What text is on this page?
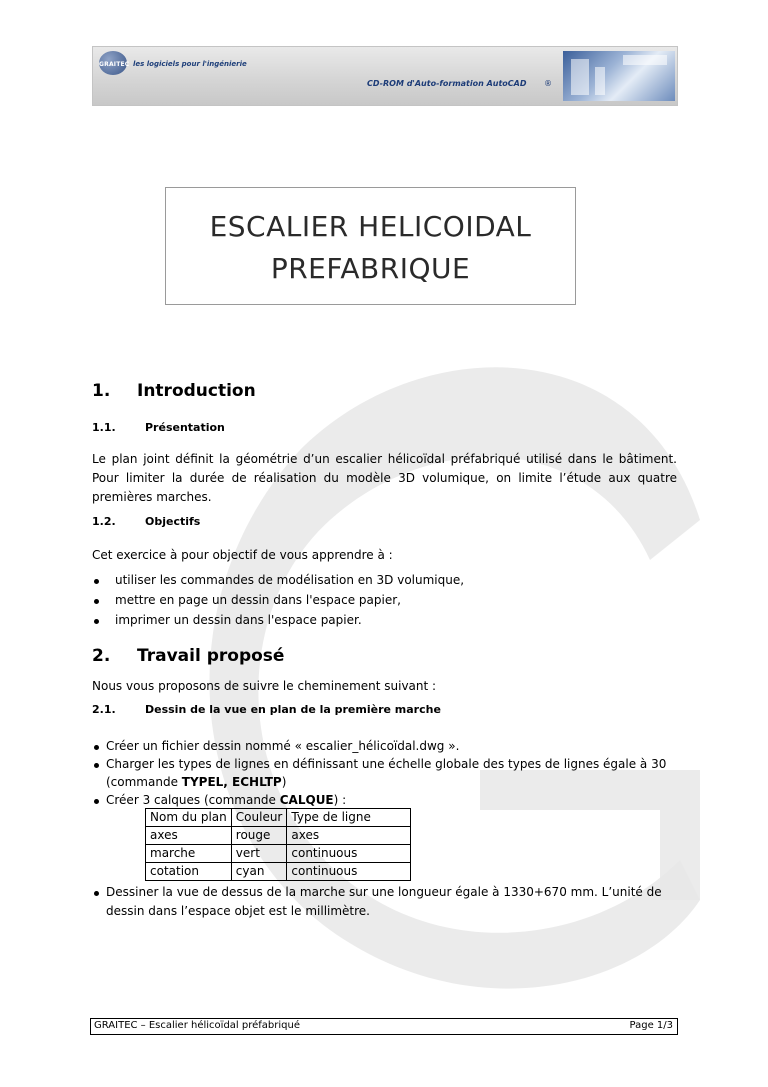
GRAITEC les logiciels pour l'ingénierie
CD-ROM d'Auto-formation AutoCAD ®
ESCALIER HELICOIDAL
PREFABRIQUE
1. Introduction
1.1.	Présentation
Le plan joint définit la géométrie d’un escalier hélicoïdal préfabriqué utilisé dans le bâtiment.
Pour limiter la durée de réalisation du modèle 3D volumique, on limite l’étude aux quatre
premières marches.
1.2.	Objectifs
Cet exercice à pour objectif de vous apprendre à :
utiliser les commandes de modélisation en 3D volumique,
mettre en page un dessin dans l'espace papier,
imprimer un dessin dans l'espace papier.
2. Travail proposé
Nous vous proposons de suivre le cheminement suivant :
2.1.	Dessin de la vue en plan de la première marche
Créer un fichier dessin nommé « escalier_hélicoïdal.dwg ».
Charger les types de lignes en définissant une échelle globale des types de lignes égale à 30
(commande TYPEL, ECHLTP)
Créer 3 calques (commande CALQUE) :
Nom du plan	Couleur	Type de ligne
axes	rouge	axes
marche	vert	continuous
cotation	cyan	continuous
Dessiner la vue de dessus de la marche sur une longueur égale à 1330+670 mm. L’unité de
dessin dans l’espace objet est le millimètre.
GRAITEC – Escalier hélicoïdal préfabriqué	Page 1/3
